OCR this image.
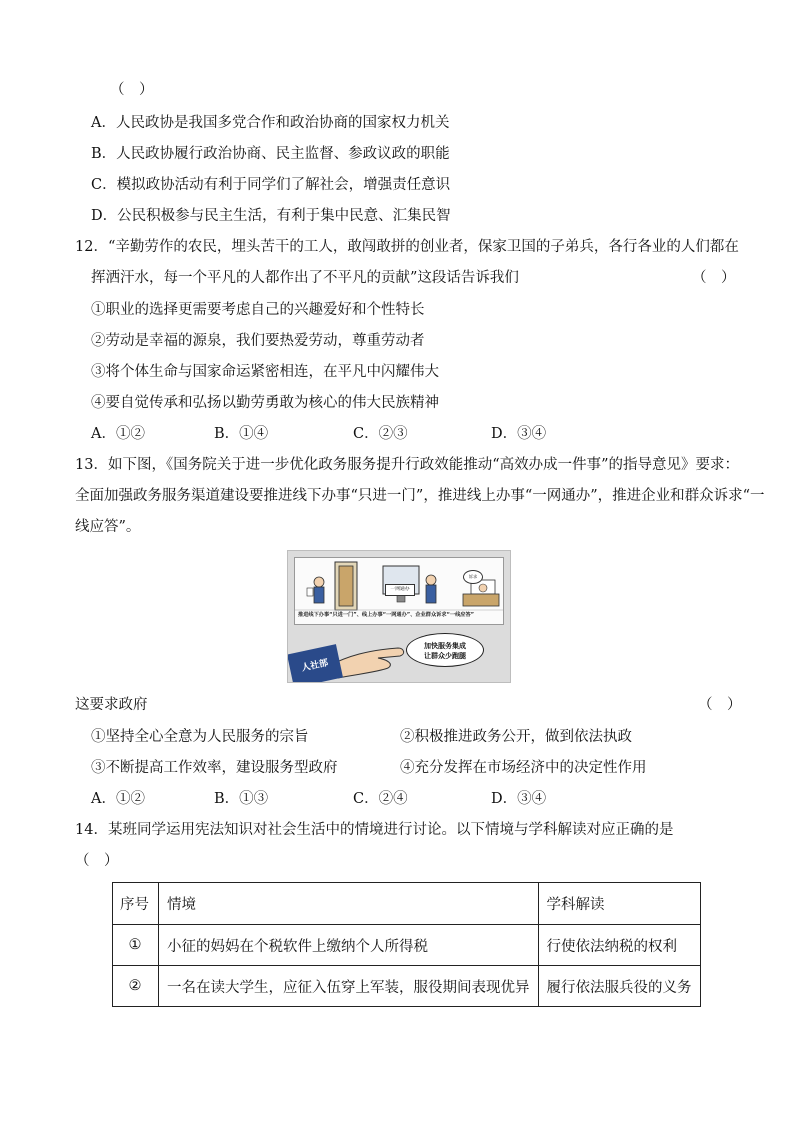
（　）
A．人民政协是我国多党合作和政治协商的国家权力机关
B．人民政协履行政治协商、民主监督、参政议政的职能
C．模拟政协活动有利于同学们了解社会，增强责任意识
D．公民积极参与民主生活，有利于集中民意、汇集民智
12．“辛勤劳作的农民，埋头苦干的工人，敢闯敢拼的创业者，保家卫国的子弟兵，各行各业的人们都在
挥洒汗水，每一个平凡的人都作出了不平凡的贡献”这段话告诉我们	（　）
①职业的选择更需要考虑自己的兴趣爱好和个性特长
②劳动是幸福的源泉，我们要热爱劳动，尊重劳动者
③将个体生命与国家命运紧密相连，在平凡中闪耀伟大
④要自觉传承和弘扬以勤劳勇敢为核心的伟大民族精神
A．①②	B．①④	C．②③	D．③④
13．如下图，《国务院关于进一步优化政务服务提升行政效能推动“高效办成一件事”的指导意见》要求：
全面加强政务服务渠道建设要推进线下办事“只进一门”，推进线上办事“一网通办”，推进企业和群众诉求“一
线应答”。
一网通办
诉求
推进线下办事“只进一门”、线上办事“一网通办”、企业群众诉求“一线应答”
加快服务集成
让群众少跑腿
人社部
这要求政府	（　）
①坚持全心全意为人民服务的宗旨	②积极推进政务公开，做到依法执政
③不断提高工作效率，建设服务型政府	④充分发挥在市场经济中的决定性作用
A．①②	B．①③	C．②④	D．③④
14．某班同学运用宪法知识对社会生活中的情境进行讨论。以下情境与学科解读对应正确的是
（　）
序号	情境	学科解读
①	小征的妈妈在个税软件上缴纳个人所得税	行使依法纳税的权利
②	一名在读大学生，应征入伍穿上军装，服役期间表现优异	履行依法服兵役的义务
